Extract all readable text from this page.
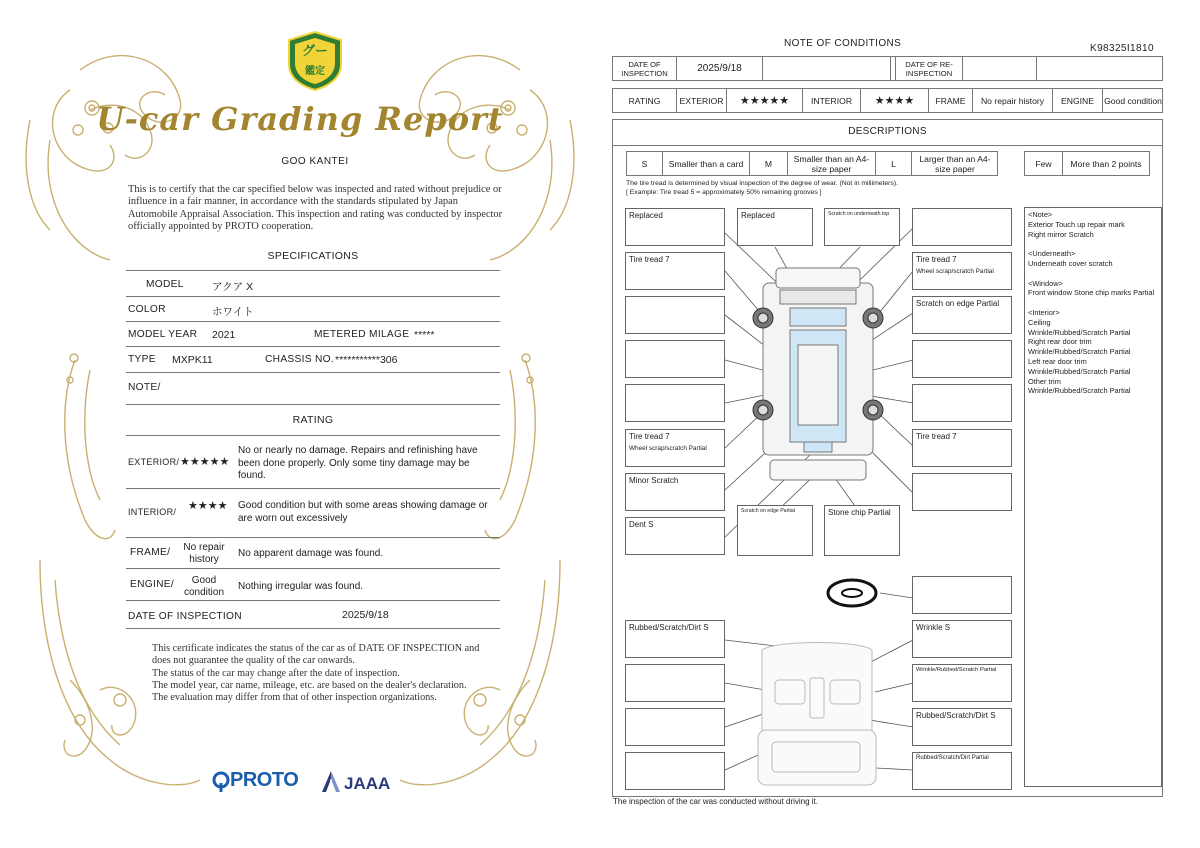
グー
鑑定
U-car Grading Report
GOO KANTEI
This is to certify that the car specified below was inspected and rated without prejudice or influence in a fair manner, in accordance with the standards stipulated by Japan Automobile Appraisal Association. This inspection and rating was conducted by inspector officially appointed by PROTO cooperation.
SPECIFICATIONS
MODEL	アクア X
COLOR	ホワイト
MODEL YEAR 2021	METERED MILAGE *****
TYPE MXPK11	CHASSIS NO. ***********306
NOTE/
RATING
EXTERIOR/ ★★★★★
No or nearly no damage. Repairs and refinishing have been done properly. Only some tiny damage may be found.
INTERIOR/ ★★★★ Good condition but with some areas showing damage or are worn out excessively
FRAME/	No repair history
No apparent damage was found.
ENGINE/	Good condition
Nothing irregular was found.
DATE OF INSPECTION	2025/9/18
This certificate indicates the status of the car as of DATE OF INSPECTION and does not guarantee the quality of the car onwards.
The status of the car may change after the date of inspection.
The model year, car name, mileage, etc. are based on the dealer's declaration.
The evaluation may differ from that of other inspection organizations.
PROTO	JAAA
NOTE OF CONDITIONS	K98325I1810
DATE OF INSPECTION	2025/9/18	DATE OF RE-INSPECTION
RATING	EXTERIOR	★★★★★	INTERIOR	★★★★	FRAME	No repair history	ENGINE	Good condition
DESCRIPTIONS
S	Smaller than a card	M	Smaller than an A4-size paper	L	Larger than an A4-size paper	Few	More than 2 points
The tire tread is determined by visual inspection of the degree of wear. (Not in millimeters).
[ Example: Tire tread 5 = approximately 50% remaining grooves ]
Replaced	Replaced	Scratch on underneath top
Tire tread 7	Tire tread 7
Wheel scrap/scratch Partial
Scratch on edge Partial
Tire tread 7
Wheel scrap/scratch Partial
Tire tread 7
Minor Scratch
Dent S
Scratch on edge Partial	Stone chip Partial
Rubbed/Scratch/Dirt S	Wrinkle S
Wrinkle/Rubbed/Scratch Partial
Rubbed/Scratch/Dirt S
Rubbed/Scratch/Dirt Partial
<Note>
Exterior Touch up repair mark
Right mirror Scratch

<Underneath>
Underneath cover scratch

<Window>
Front window Stone chip marks Partial

<Interior>
Ceiling
Wrinkle/Rubbed/Scratch Partial
Right rear door trim
Wrinkle/Rubbed/Scratch Partial
Left rear door trim
Wrinkle/Rubbed/Scratch Partial
Other trim
Wrinkle/Rubbed/Scratch Partial
The inspection of the car was conducted without driving it.
